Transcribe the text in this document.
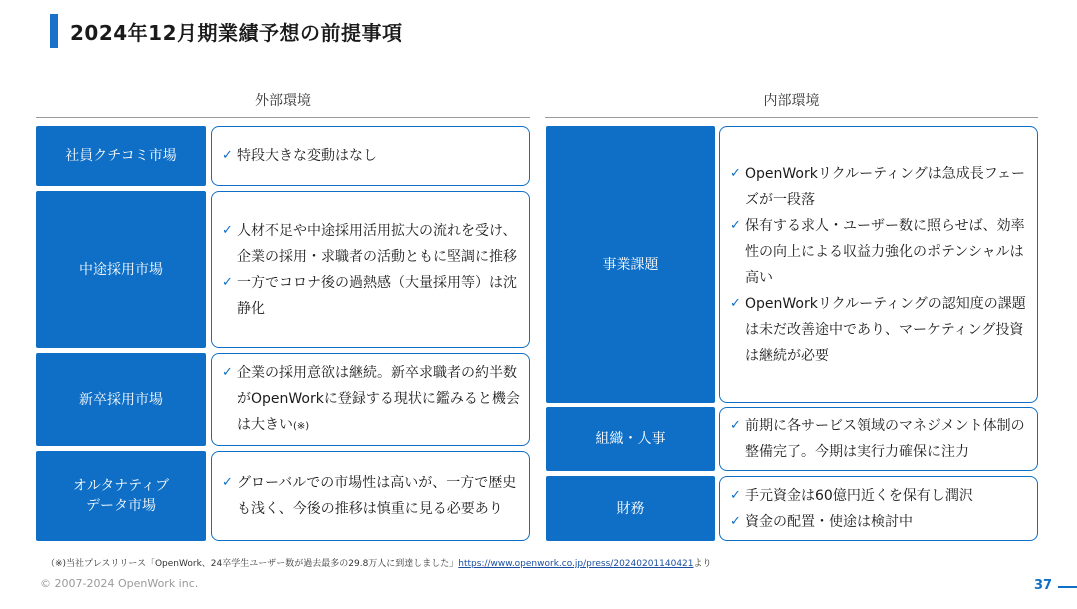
2024年12月期業績予想の前提事項
外部環境
社員クチコミ市場	✓ 特段大きな変動はなし
中途採用市場
✓ 人材不足や中途採用活用拡大の流れを受け、企業の採用・求職者の活動ともに堅調に推移
✓ 一方でコロナ後の過熱感（大量採用等）は沈静化
新卒採用市場
✓ 企業の採用意欲は継続。新卒求職者の約半数がOpenWorkに登録する現状に鑑みると機会は大きい(※)
オルタナティブ
データ市場
✓ グローバルでの市場性は高いが、一方で歴史も浅く、今後の推移は慎重に見る必要あり
内部環境
事業課題
✓ OpenWorkリクルーティングは急成長フェーズが一段落
✓ 保有する求人・ユーザー数に照らせば、効率性の向上による収益力強化のポテンシャルは高い
✓ OpenWorkリクルーティングの認知度の課題は未だ改善途中であり、マーケティング投資は継続が必要
組織・人事
✓ 前期に各サービス領域のマネジメント体制の整備完了。今期は実行力確保に注力
財務
✓ 手元資金は60億円近くを保有し潤沢
✓ 資金の配置・使途は検討中
（※)当社プレスリリース「OpenWork、24卒学生ユーザー数が過去最多の29.8万人に到達しました」https://www.openwork.co.jp/press/20240201140421より
© 2007-2024 OpenWork inc.	37
